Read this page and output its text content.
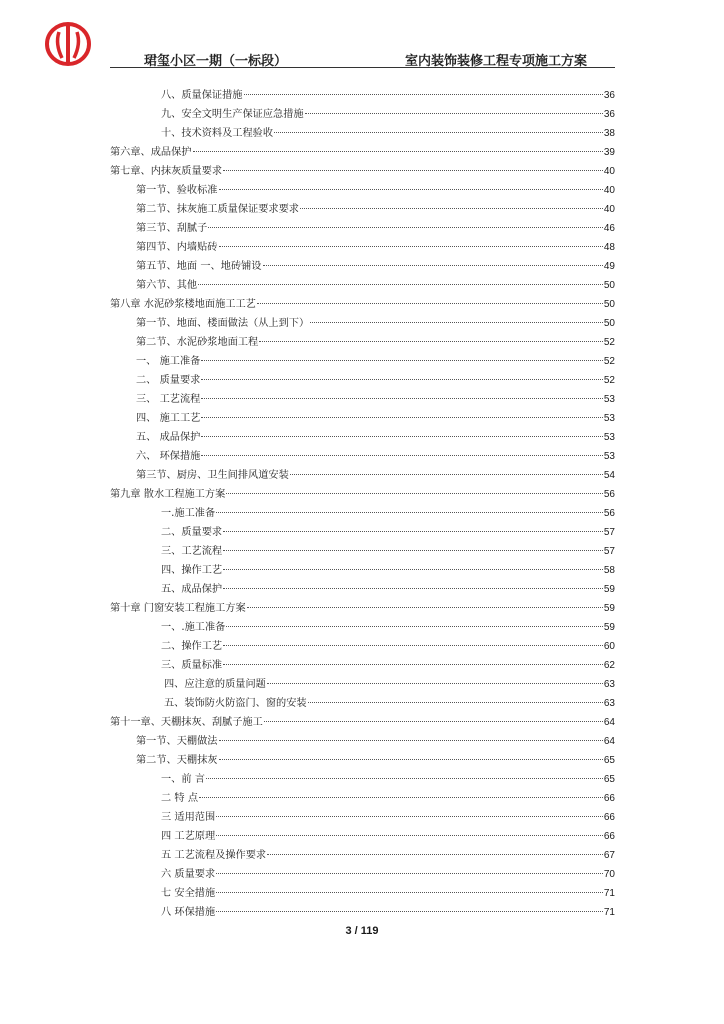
珺玺小区一期（一标段）	室内装饰装修工程专项施工方案
八、质量保证措施	36
九、安全文明生产保证应急措施	36
十、技术资料及工程验收	38
第六章、成品保护	39
第七章、内抹灰质量要求	40
第一节、验收标准	40
第二节、抹灰施工质量保证要求要求	40
第三节、刮腻子	46
第四节、内墙贴砖	48
第五节、地面 一、地砖铺设	49
第六节、其他	50
第八章 水泥砂浆楼地面施工工艺	50
第一节、地面、楼面做法（从上到下）	50
第二节、水泥砂浆地面工程	52
一、 施工准备	52
二、 质量要求	52
三、 工艺流程	53
四、 施工工艺	53
五、 成品保护	53
六、 环保措施	53
第三节、厨房、卫生间排风道安装	54
第九章 散水工程施工方案	56
一.施工准备	56
二、质量要求	57
三、工艺流程	57
四、操作工艺	58
五、成品保护	59
第十章 门窗安装工程施工方案	59
一、.施工准备	59
二、操作工艺	60
三、质量标准	62
四、应注意的质量问题	63
五、装饰防火防盗门、窗的安装	63
第十一章、天棚抹灰、刮腻子施工	64
第一节、天棚做法	64
第二节、天棚抹灰	65
一、前 言	65
二 特 点	66
三 适用范围	66
四 工艺原理	66
五 工艺流程及操作要求	67
六 质量要求	70
七 安全措施	71
八 环保措施	71
3 / 119
